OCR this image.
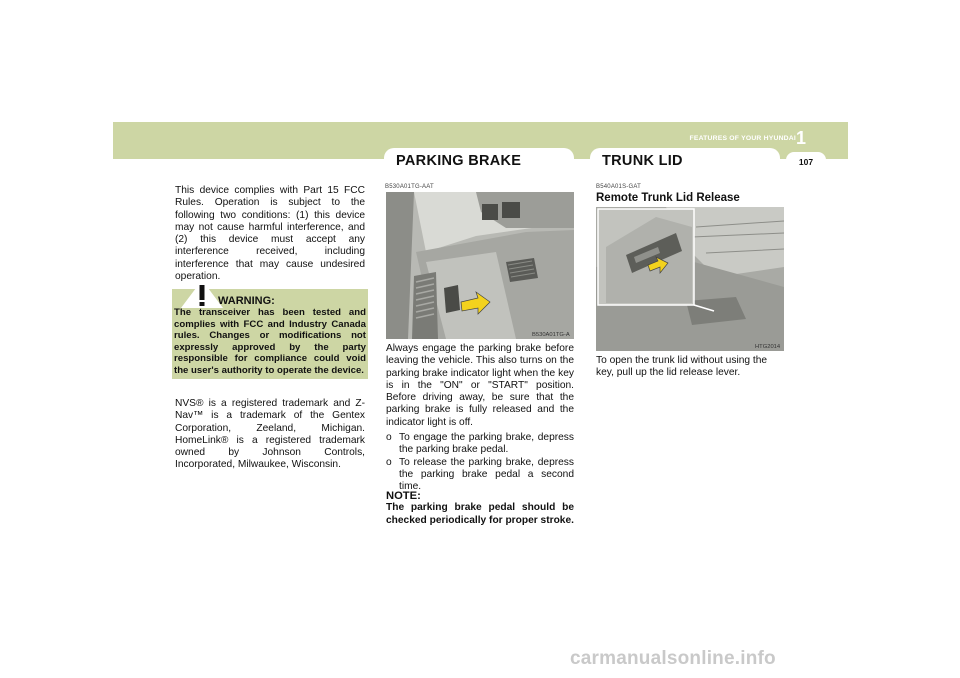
PARKING BRAKE	TRUNK LID
1
FEATURES OF YOUR HYUNDAI
107
This device complies with Part 15 FCC Rules. Operation is subject to the following two conditions: (1) this device may not cause harmful interference, and (2) this device must accept any interference received, including interference that may cause undesired operation.
WARNING:
The transceiver has been tested and complies with FCC and Industry Canada rules. Changes or modifications not expressly approved by the party responsible for compliance could void the user's authority to operate the device.
NVS® is a registered trademark and Z-Nav™ is a trademark of the Gentex Corporation, Zeeland, Michigan. HomeLink® is a registered trademark owned by Johnson Controls, Incorporated, Milwaukee, Wisconsin.
B530A01TG-AAT
B530A01TG-A
Always engage the parking brake before leaving the vehicle. This also turns on the parking brake indicator light when the key is in the "ON" or "START" position. Before driving away, be sure that the parking brake is fully released and the indicator light is off.
o To engage the parking brake, depress the parking brake pedal.
o To release the parking brake, depress the parking brake pedal a second time.
NOTE:
The parking brake pedal should be checked periodically for proper stroke.
B540A01S-GAT
Remote Trunk Lid Release
HTG2014
To open the trunk lid without using the key, pull up the lid release lever.
carmanualsonline.info
